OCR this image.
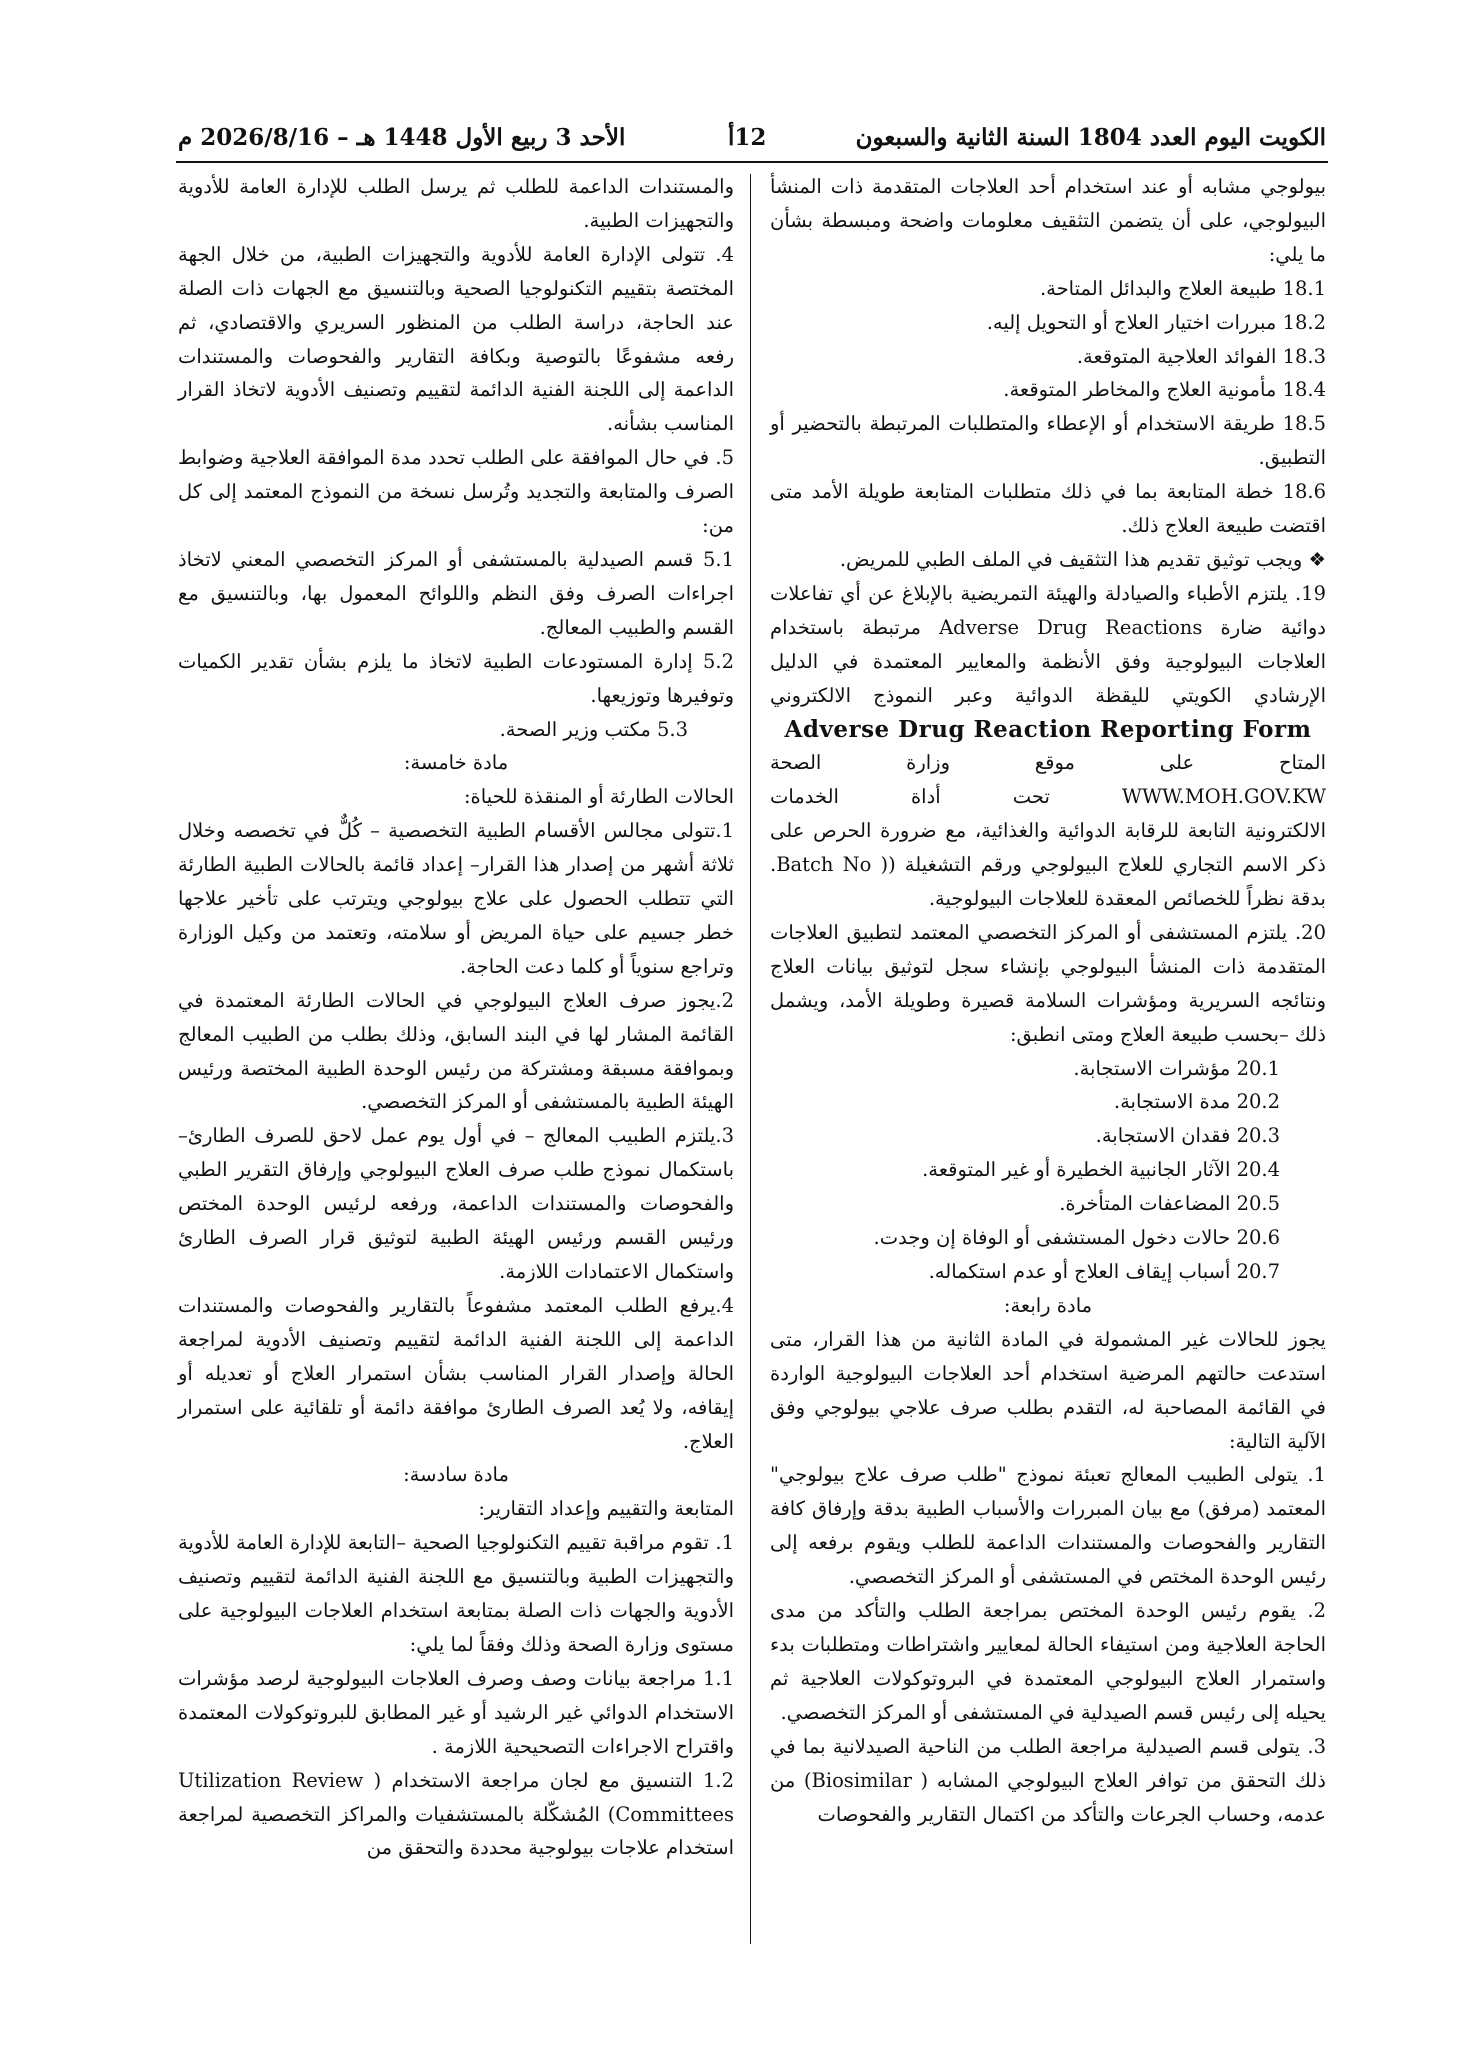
الأحد 3 ربيع الأول 1448 هـ – 2026/8/16 م	12أ	الكويت اليوم العدد 1804 السنة الثانية والسبعون

بيولوجي مشابه أو عند استخدام أحد العلاجات المتقدمة ذات المنشأ البيولوجي، على أن يتضمن التثقيف معلومات واضحة ومبسطة بشأن ما يلي:

18.1 طبيعة العلاج والبدائل المتاحة.

18.2 مبررات اختيار العلاج أو التحويل إليه.

18.3 الفوائد العلاجية المتوقعة.

18.4 مأمونية العلاج والمخاطر المتوقعة.

18.5 طريقة الاستخدام أو الإعطاء والمتطلبات المرتبطة بالتحضير أو التطبيق.

18.6 خطة المتابعة بما في ذلك متطلبات المتابعة طويلة الأمد متى اقتضت طبيعة العلاج ذلك.

❖ ويجب توثيق تقديم هذا التثقيف في الملف الطبي للمريض.

19. يلتزم الأطباء والصيادلة والهيئة التمريضية بالإبلاغ عن أي تفاعلات دوائية ضارة Adverse Drug Reactions مرتبطة باستخدام العلاجات البيولوجية وفق الأنظمة والمعايير المعتمدة في الدليل الإرشادي الكويتي لليقظة الدوائية وعبر النموذج الالكتروني

Adverse Drug Reaction Reporting Form

المتاح على موقع وزارة الصحة

WWW.MOH.GOV.KW تحت أداة الخدمات

الالكترونية التابعة للرقابة الدوائية والغذائية، مع ضرورة الحرص على ذكر الاسم التجاري للعلاج البيولوجي ورقم التشغيلة (( Batch No. بدقة نظراً للخصائص المعقدة للعلاجات البيولوجية.

20. يلتزم المستشفى أو المركز التخصصي المعتمد لتطبيق العلاجات المتقدمة ذات المنشأ البيولوجي بإنشاء سجل لتوثيق بيانات العلاج ونتائجه السريرية ومؤشرات السلامة قصيرة وطويلة الأمد، ويشمل ذلك –بحسب طبيعة العلاج ومتى انطبق:

20.1 مؤشرات الاستجابة.

20.2 مدة الاستجابة.

20.3 فقدان الاستجابة.

20.4 الآثار الجانبية الخطيرة أو غير المتوقعة.

20.5 المضاعفات المتأخرة.

20.6 حالات دخول المستشفى أو الوفاة إن وجدت.

20.7 أسباب إيقاف العلاج أو عدم استكماله.

مادة رابعة:

يجوز للحالات غير المشمولة في المادة الثانية من هذا القرار، متى استدعت حالتهم المرضية استخدام أحد العلاجات البيولوجية الواردة في القائمة المصاحبة له، التقدم بطلب صرف علاجي بيولوجي وفق الآلية التالية:

1. يتولى الطبيب المعالج تعبئة نموذج "طلب صرف علاج بيولوجي" المعتمد (مرفق) مع بيان المبررات والأسباب الطبية بدقة وإرفاق كافة التقارير والفحوصات والمستندات الداعمة للطلب ويقوم برفعه إلى رئيس الوحدة المختص في المستشفى أو المركز التخصصي.

2. يقوم رئيس الوحدة المختص بمراجعة الطلب والتأكد من مدى الحاجة العلاجية ومن استيفاء الحالة لمعايير واشتراطات ومتطلبات بدء واستمرار العلاج البيولوجي المعتمدة في البروتوكولات العلاجية ثم يحيله إلى رئيس قسم الصيدلية في المستشفى أو المركز التخصصي.

3. يتولى قسم الصيدلية مراجعة الطلب من الناحية الصيدلانية بما في ذلك التحقق من توافر العلاج البيولوجي المشابه ( Biosimilar) من عدمه، وحساب الجرعات والتأكد من اكتمال التقارير والفحوصات

والمستندات الداعمة للطلب ثم يرسل الطلب للإدارة العامة للأدوية والتجهيزات الطبية.

4. تتولى الإدارة العامة للأدوية والتجهيزات الطبية، من خلال الجهة المختصة بتقييم التكنولوجيا الصحية وبالتنسيق مع الجهات ذات الصلة عند الحاجة، دراسة الطلب من المنظور السريري والاقتصادي، ثم رفعه مشفوعًا بالتوصية وبكافة التقارير والفحوصات والمستندات الداعمة إلى اللجنة الفنية الدائمة لتقييم وتصنيف الأدوية لاتخاذ القرار المناسب بشأنه.

5. في حال الموافقة على الطلب تحدد مدة الموافقة العلاجية وضوابط الصرف والمتابعة والتجديد وتُرسل نسخة من النموذج المعتمد إلى كل من:

5.1 قسم الصيدلية بالمستشفى أو المركز التخصصي المعني لاتخاذ اجراءات الصرف وفق النظم واللوائح المعمول بها، وبالتنسيق مع القسم والطبيب المعالج.

5.2 إدارة المستودعات الطبية لاتخاذ ما يلزم بشأن تقدير الكميات وتوفيرها وتوزيعها.

5.3 مكتب وزير الصحة.

مادة خامسة:

الحالات الطارئة أو المنقذة للحياة:

1.تتولى مجالس الأقسام الطبية التخصصية – كُلٌّ في تخصصه وخلال ثلاثة أشهر من إصدار هذا القرار– إعداد قائمة بالحالات الطبية الطارئة التي تتطلب الحصول على علاج بيولوجي ويترتب على تأخير علاجها خطر جسيم على حياة المريض أو سلامته، وتعتمد من وكيل الوزارة وتراجع سنوياً أو كلما دعت الحاجة.

2.يجوز صرف العلاج البيولوجي في الحالات الطارئة المعتمدة في القائمة المشار لها في البند السابق، وذلك بطلب من الطبيب المعالج وبموافقة مسبقة ومشتركة من رئيس الوحدة الطبية المختصة ورئيس الهيئة الطبية بالمستشفى أو المركز التخصصي.

3.يلتزم الطبيب المعالج – في أول يوم عمل لاحق للصرف الطارئ– باستكمال نموذج طلب صرف العلاج البيولوجي وإرفاق التقرير الطبي والفحوصات والمستندات الداعمة، ورفعه لرئيس الوحدة المختص ورئيس القسم ورئيس الهيئة الطبية لتوثيق قرار الصرف الطارئ واستكمال الاعتمادات اللازمة.

4.يرفع الطلب المعتمد مشفوعاً بالتقارير والفحوصات والمستندات الداعمة إلى اللجنة الفنية الدائمة لتقييم وتصنيف الأدوية لمراجعة الحالة وإصدار القرار المناسب بشأن استمرار العلاج أو تعديله أو إيقافه، ولا يُعد الصرف الطارئ موافقة دائمة أو تلقائية على استمرار العلاج.

مادة سادسة:

المتابعة والتقييم وإعداد التقارير:

1. تقوم مراقبة تقييم التكنولوجيا الصحية –التابعة للإدارة العامة للأدوية والتجهيزات الطبية وبالتنسيق مع اللجنة الفنية الدائمة لتقييم وتصنيف الأدوية والجهات ذات الصلة بمتابعة استخدام العلاجات البيولوجية على مستوى وزارة الصحة وذلك وفقاً لما يلي:

1.1 مراجعة بيانات وصف وصرف العلاجات البيولوجية لرصد مؤشرات الاستخدام الدوائي غير الرشيد أو غير المطابق للبروتوكولات المعتمدة واقتراح الاجراءات التصحيحية اللازمة .

1.2 التنسيق مع لجان مراجعة الاستخدام ( Utilization Review Committees) المُشكّلة بالمستشفيات والمراكز التخصصية لمراجعة استخدام علاجات بيولوجية محددة والتحقق من
